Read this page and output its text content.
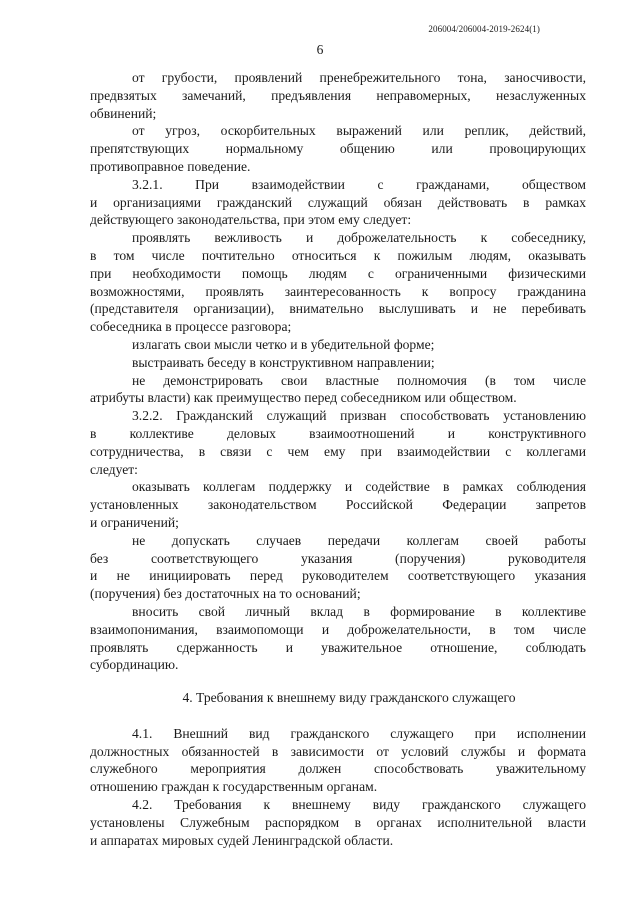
206004/206004-2019-2624(1)
6
от грубости, проявлений пренебрежительного тона, заносчивости,
предвзятых замечаний, предъявления неправомерных, незаслуженных
обвинений;
от угроз, оскорбительных выражений или реплик, действий,
препятствующих нормальному общению или провоцирующих
противоправное поведение.
3.2.1. При взаимодействии с гражданами, обществом
и организациями гражданский служащий обязан действовать в рамках
действующего законодательства, при этом ему следует:
проявлять вежливость и доброжелательность к собеседнику,
в том числе почтительно относиться к пожилым людям, оказывать
при необходимости помощь людям с ограниченными физическими
возможностями, проявлять заинтересованность к вопросу гражданина
(представителя организации), внимательно выслушивать и не перебивать
собеседника в процессе разговора;
излагать свои мысли четко и в убедительной форме;
выстраивать беседу в конструктивном направлении;
не демонстрировать свои властные полномочия (в том числе
атрибуты власти) как преимущество перед собеседником или обществом.
3.2.2. Гражданский служащий призван способствовать установлению
в коллективе деловых взаимоотношений и конструктивного
сотрудничества, в связи с чем ему при взаимодействии с коллегами
следует:
оказывать коллегам поддержку и содействие в рамках соблюдения
установленных законодательством Российской Федерации запретов
и ограничений;
не допускать случаев передачи коллегам своей работы
без соответствующего указания (поручения) руководителя
и не инициировать перед руководителем соответствующего указания
(поручения) без достаточных на то оснований;
вносить свой личный вклад в формирование в коллективе
взаимопонимания, взаимопомощи и доброжелательности, в том числе
проявлять сдержанность и уважительное отношение, соблюдать
субординацию.
4. Требования к внешнему виду гражданского служащего
4.1. Внешний вид гражданского служащего при исполнении
должностных обязанностей в зависимости от условий службы и формата
служебного мероприятия должен способствовать уважительному
отношению граждан к государственным органам.
4.2. Требования к внешнему виду гражданского служащего
установлены Служебным распорядком в органах исполнительной власти
и аппаратах мировых судей Ленинградской области.
